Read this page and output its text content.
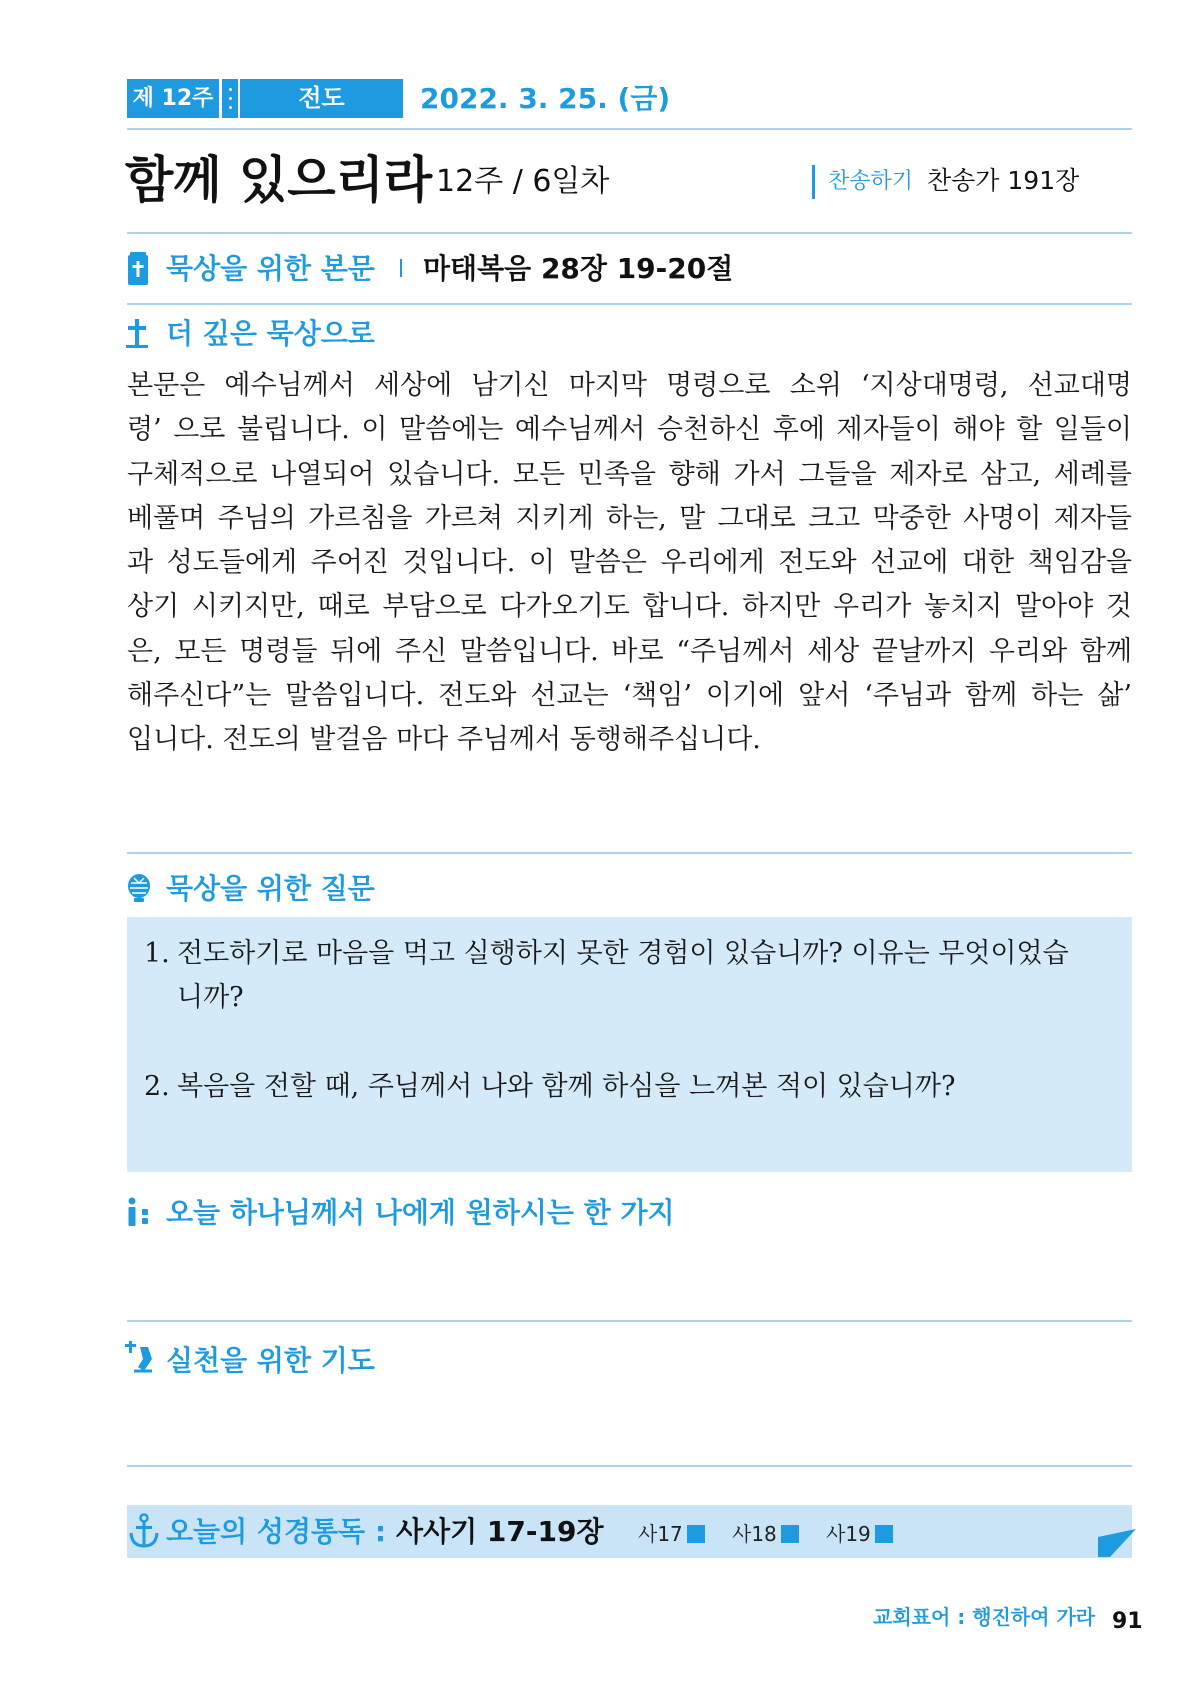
제 12주	전도	2022. 3. 25. (금)
함께 있으리라 12주 / 6일차	찬송하기 찬송가 191장
묵상을 위한 본문 마태복음 28장 19-20절
더 깊은 묵상으로
본문은 예수님께서 세상에 남기신 마지막 명령으로 소위 ‘지상대명령, 선교대명
령’ 으로 불립니다. 이 말씀에는 예수님께서 승천하신 후에 제자들이 해야 할 일들이
구체적으로 나열되어 있습니다. 모든 민족을 향해 가서 그들을 제자로 삼고, 세례를
베풀며 주님의 가르침을 가르쳐 지키게 하는, 말 그대로 크고 막중한 사명이 제자들
과 성도들에게 주어진 것입니다. 이 말씀은 우리에게 전도와 선교에 대한 책임감을
상기 시키지만, 때로 부담으로 다가오기도 합니다. 하지만 우리가 놓치지 말아야 것
은, 모든 명령들 뒤에 주신 말씀입니다. 바로 “주님께서 세상 끝날까지 우리와 함께
해주신다”는 말씀입니다. 전도와 선교는 ‘책임’ 이기에 앞서 ‘주님과 함께 하는 삶’
입니다. 전도의 발걸음 마다 주님께서 동행해주십니다.
묵상을 위한 질문
1. 전도하기로 마음을 먹고 실행하지 못한 경험이 있습니까? 이유는 무엇이었습
니까?
2. 복음을 전할 때, 주님께서 나와 함께 하심을 느껴본 적이 있습니까?
오늘 하나님께서 나에게 원하시는 한 가지
실천을 위한 기도
오늘의 성경통독 : 사사기 17-19장 사17 사18 사19
교회표어 : 행진하여 가라 91
